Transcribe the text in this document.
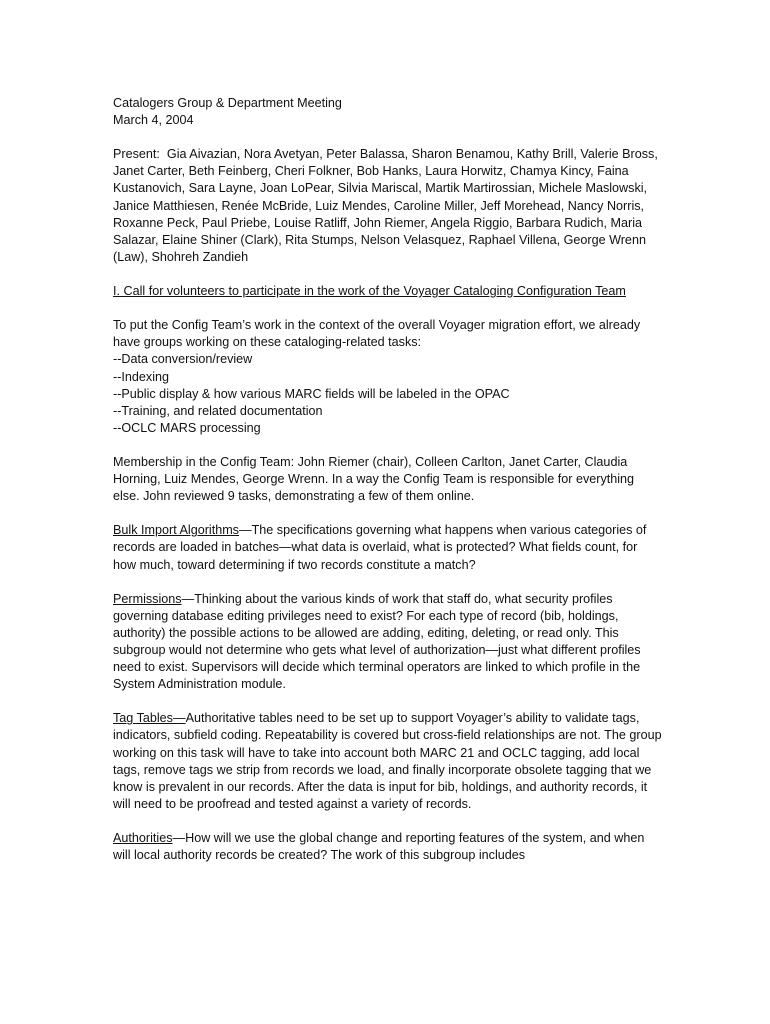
Catalogers Group & Department Meeting
March 4, 2004

Present: Gia Aivazian, Nora Avetyan, Peter Balassa, Sharon Benamou, Kathy Brill, Valerie Bross, Janet Carter, Beth Feinberg, Cheri Folkner, Bob Hanks, Laura Horwitz, Chamya Kincy, Faina Kustanovich, Sara Layne, Joan LoPear, Silvia Mariscal, Martik Martirossian, Michele Maslowski, Janice Matthiesen, Renée McBride, Luiz Mendes, Caroline Miller, Jeff Morehead, Nancy Norris, Roxanne Peck, Paul Priebe, Louise Ratliff, John Riemer, Angela Riggio, Barbara Rudich, Maria Salazar, Elaine Shiner (Clark), Rita Stumps, Nelson Velasquez, Raphael Villena, George Wrenn (Law), Shohreh Zandieh

I. Call for volunteers to participate in the work of the Voyager Cataloging Configuration Team

To put the Config Team’s work in the context of the overall Voyager migration effort, we already have groups working on these cataloging-related tasks:
--Data conversion/review
--Indexing
--Public display & how various MARC fields will be labeled in the OPAC
--Training, and related documentation
--OCLC MARS processing

Membership in the Config Team: John Riemer (chair), Colleen Carlton, Janet Carter, Claudia Horning, Luiz Mendes, George Wrenn. In a way the Config Team is responsible for everything else. John reviewed 9 tasks, demonstrating a few of them online.

Bulk Import Algorithms—The specifications governing what happens when various categories of records are loaded in batches—what data is overlaid, what is protected? What fields count, for how much, toward determining if two records constitute a match?

Permissions—Thinking about the various kinds of work that staff do, what security profiles governing database editing privileges need to exist? For each type of record (bib, holdings, authority) the possible actions to be allowed are adding, editing, deleting, or read only. This subgroup would not determine who gets what level of authorization—just what different profiles need to exist. Supervisors will decide which terminal operators are linked to which profile in the System Administration module.

Tag Tables—Authoritative tables need to be set up to support Voyager’s ability to validate tags, indicators, subfield coding. Repeatability is covered but cross-field relationships are not. The group working on this task will have to take into account both MARC 21 and OCLC tagging, add local tags, remove tags we strip from records we load, and finally incorporate obsolete tagging that we know is prevalent in our records. After the data is input for bib, holdings, and authority records, it will need to be proofread and tested against a variety of records.

Authorities—How will we use the global change and reporting features of the system, and when will local authority records be created? The work of this subgroup includes
